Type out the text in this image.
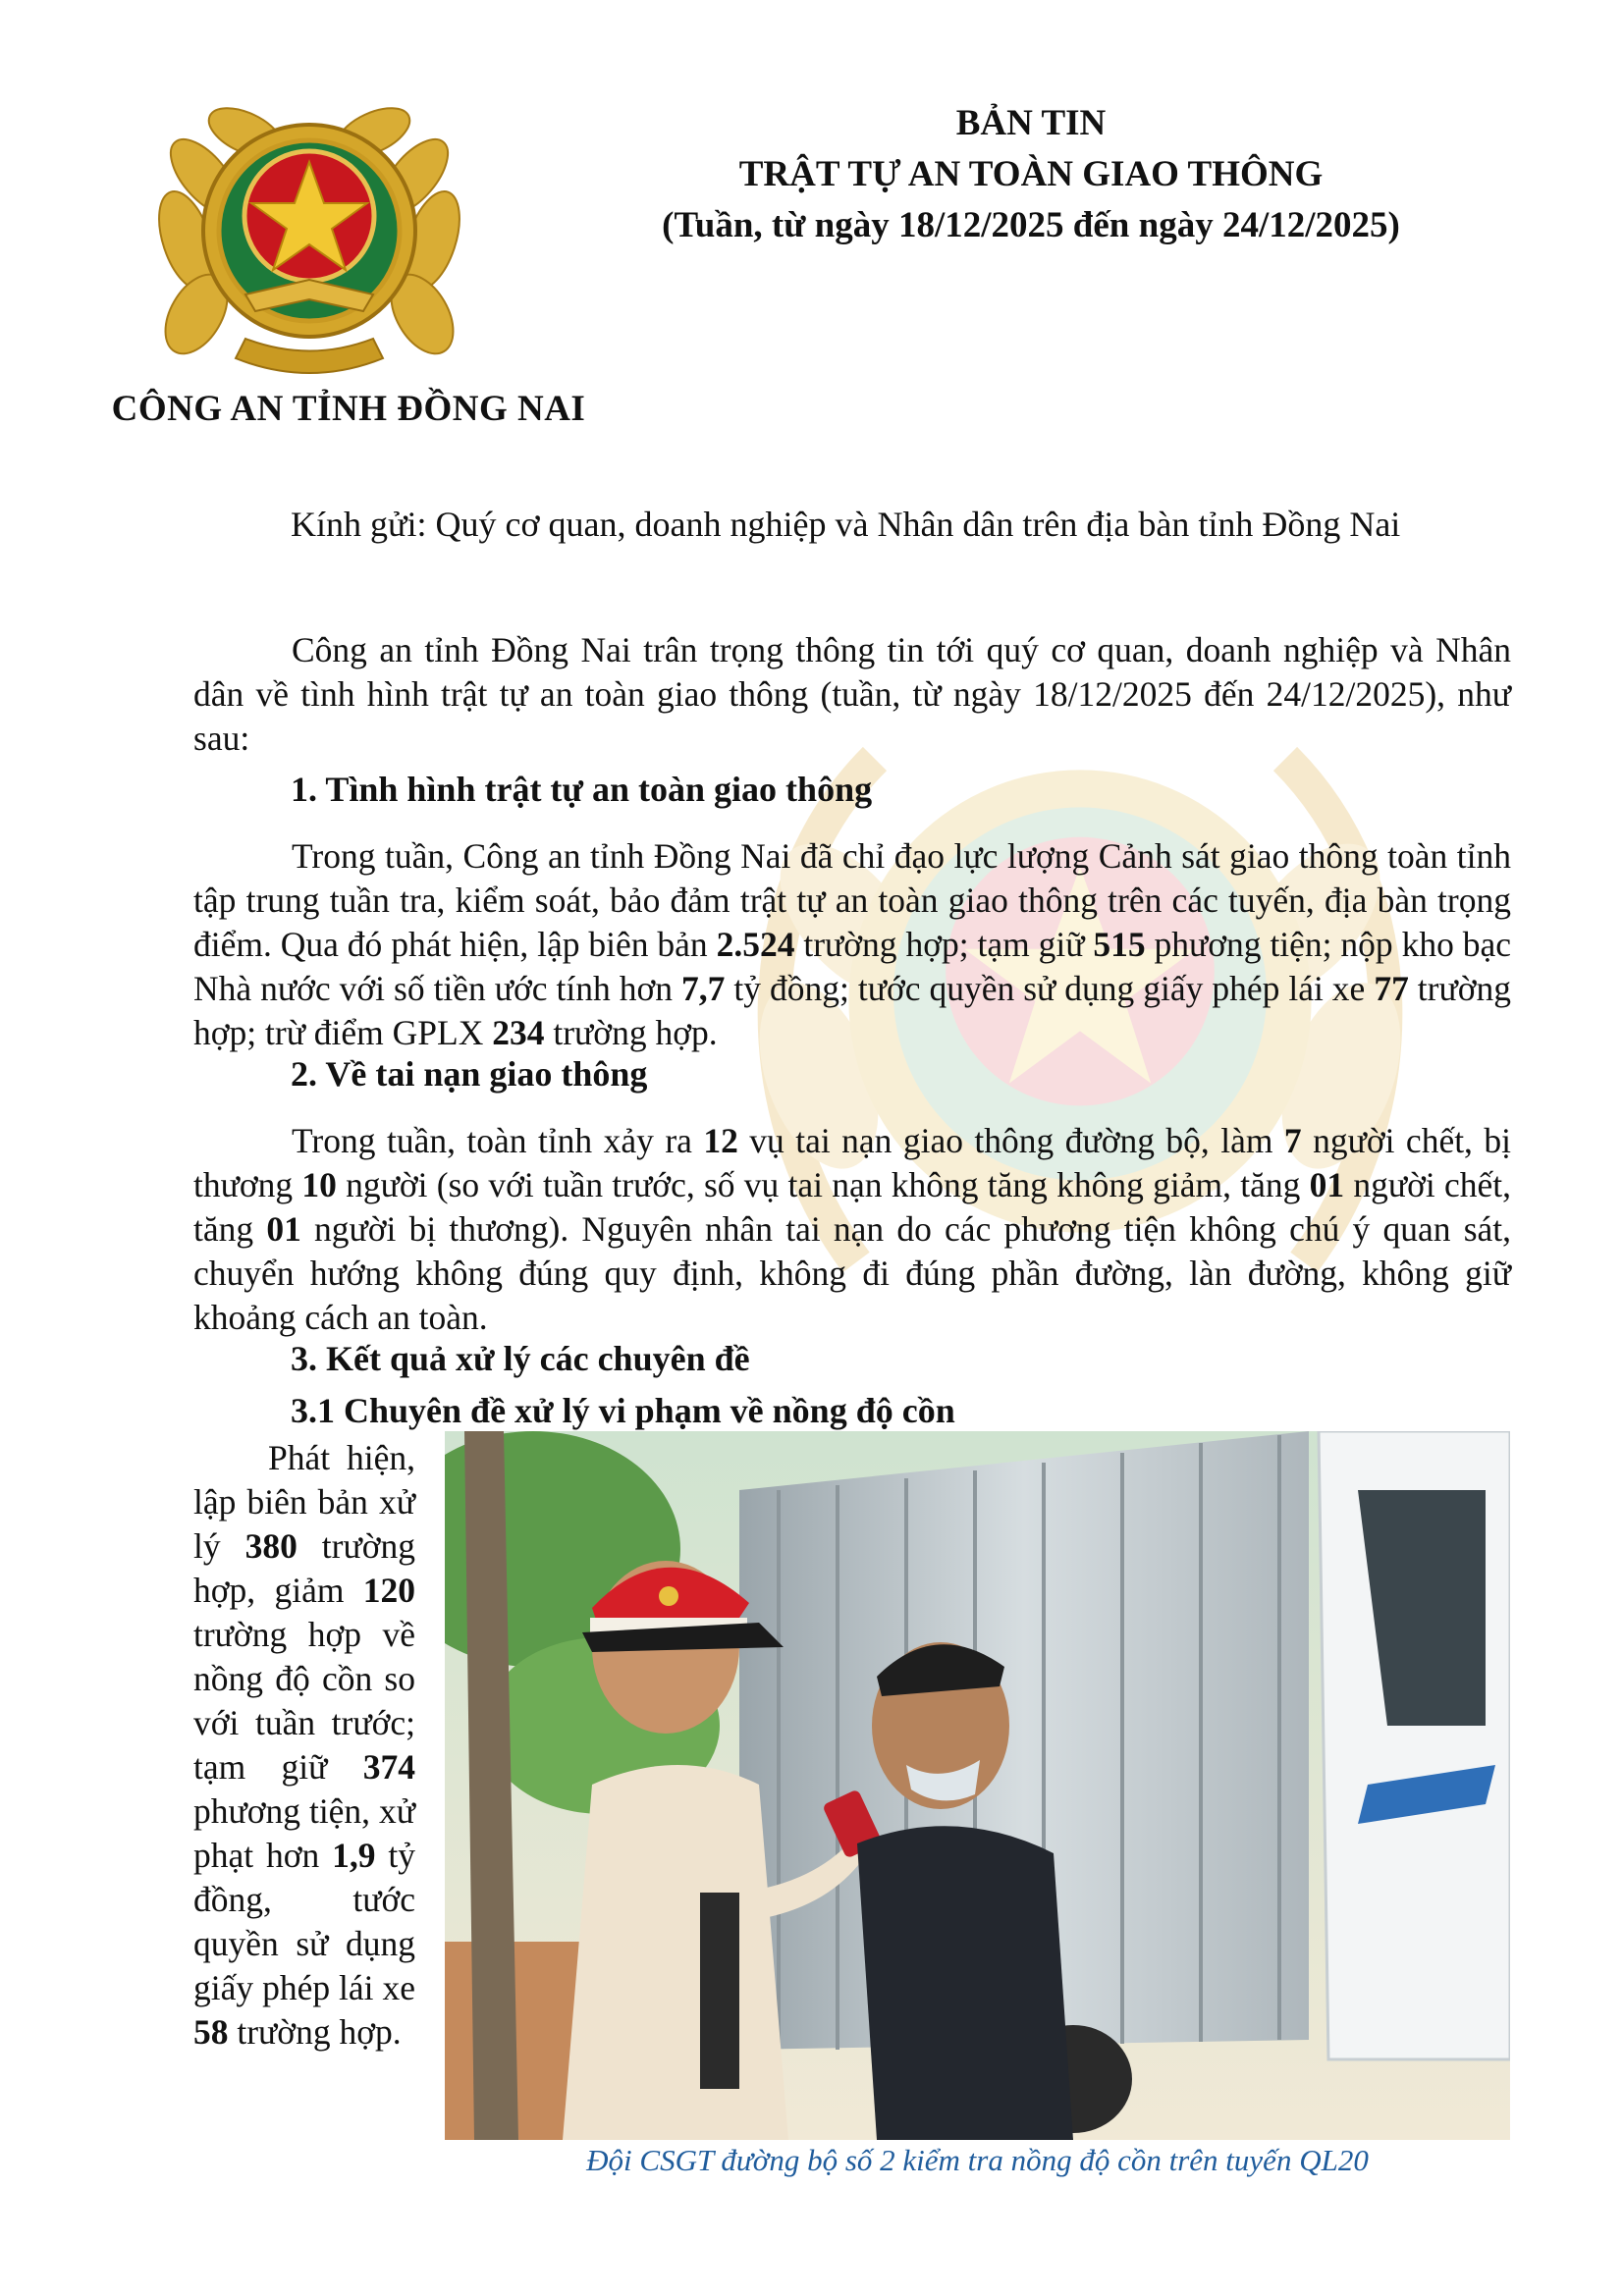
CÔNG AN TỈNH ĐỒNG NAI
BẢN TIN
TRẬT TỰ AN TOÀN GIAO THÔNG
(Tuần, từ ngày 18/12/2025 đến ngày 24/12/2025)
Kính gửi: Quý cơ quan, doanh nghiệp và Nhân dân trên địa bàn tỉnh Đồng Nai

Công an tỉnh Đồng Nai trân trọng thông tin tới quý cơ quan, doanh nghiệp và Nhân dân về tình hình trật tự an toàn giao thông (tuần, từ ngày 18/12/2025 đến 24/12/2025), như sau:

1. Tình hình trật tự an toàn giao thông

Trong tuần, Công an tỉnh Đồng Nai đã chỉ đạo lực lượng Cảnh sát giao thông toàn tỉnh tập trung tuần tra, kiểm soát, bảo đảm trật tự an toàn giao thông trên các tuyến, địa bàn trọng điểm. Qua đó phát hiện, lập biên bản 2.524 trường hợp; tạm giữ 515 phương tiện; nộp kho bạc Nhà nước với số tiền ước tính hơn 7,7 tỷ đồng; tước quyền sử dụng giấy phép lái xe 77 trường hợp; trừ điểm GPLX 234 trường hợp.

2. Về tai nạn giao thông

Trong tuần, toàn tỉnh xảy ra 12 vụ tai nạn giao thông đường bộ, làm 7 người chết, bị thương 10 người (so với tuần trước, số vụ tai nạn không tăng không giảm, tăng 01 người chết, tăng 01 người bị thương). Nguyên nhân tai nạn do các phương tiện không chú ý quan sát, chuyển hướng không đúng quy định, không đi đúng phần đường, làn đường, không giữ khoảng cách an toàn.

3. Kết quả xử lý các chuyên đề
3.1 Chuyên đề xử lý vi phạm về nồng độ cồn

Phát hiện, lập biên bản xử lý 380 trường hợp, giảm 120 trường hợp về nồng độ cồn so với tuần trước; tạm giữ 374 phương tiện, xử phạt hơn 1,9 tỷ đồng, tước quyền sử dụng giấy phép lái xe 58 trường hợp.

Đội CSGT đường bộ số 2 kiểm tra nồng độ cồn trên tuyến QL20
